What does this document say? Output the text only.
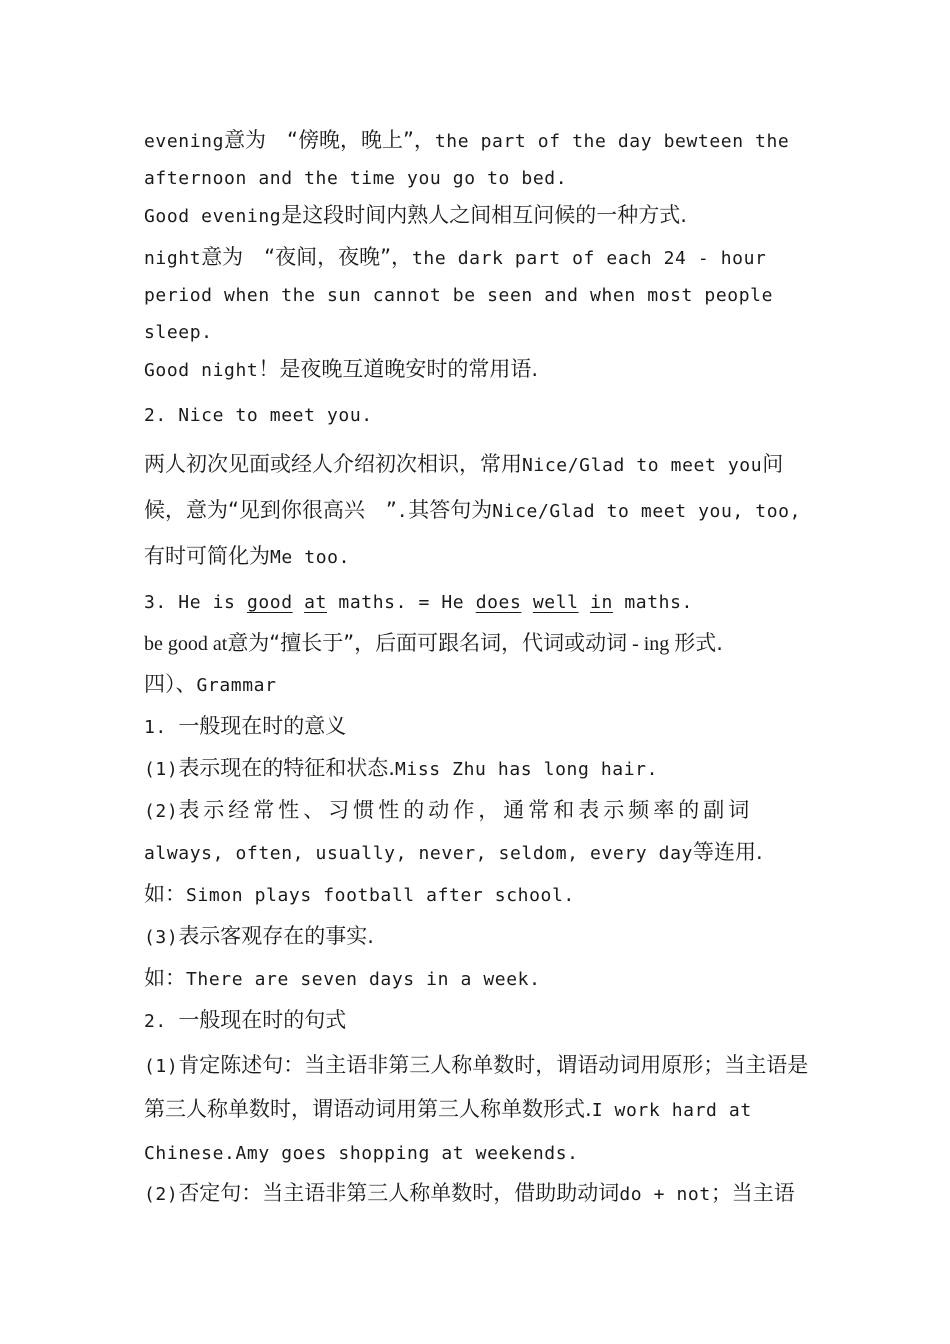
evening意为　“傍晚，晚上”，the part of the day bewteen the afternoon and the time you go to bed.

Good evening是这段时间内熟人之间相互问候的一种方式.

night意为　“夜间，夜晚”，the dark part of each 24 - hour period when the sun cannot be seen and when most people sleep.

Good night！是夜晚互道晚安时的常用语.

2. Nice to meet you.

两人初次见面或经人介绍初次相识，常用Nice/Glad to meet you问候，意为“见到你很高兴　”.其答句为Nice/Glad to meet you, too,有时可简化为Me too.

3. He is good at maths. = He does well in maths.

be good at意为“擅长于”，后面可跟名词，代词或动词 - ing 形式.

四）、Grammar

1. 一般现在时的意义

(1)表示现在的特征和状态.Miss Zhu has long hair.

(2)表示经常性、习惯性的动作，通常和表示频率的副词

always, often, usually, never, seldom, every day等连用.

如：Simon plays football after school.

(3)表示客观存在的事实.

如：There are seven days in a week.

2. 一般现在时的句式

(1)肯定陈述句：当主语非第三人称单数时，谓语动词用原形；当主语是第三人称单数时，谓语动词用第三人称单数形式.I work hard at Chinese.Amy goes shopping at weekends.

(2)否定句：当主语非第三人称单数时，借助助动词do + not；当主语
